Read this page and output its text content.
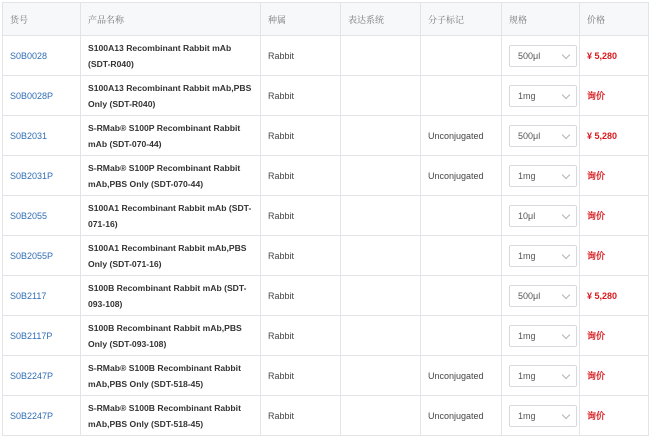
货号	产品名称	种属	表达系统	分子标记	规格	价格
S0B0028	S100A13 Recombinant Rabbit mAb (SDT-R040)	Rabbit			500μl	¥ 5,280
S0B0028P	S100A13 Recombinant Rabbit mAb,PBS Only (SDT-R040)	Rabbit			1mg	询价
S0B2031	S-RMab® S100P Recombinant Rabbit mAb (SDT-070-44)	Rabbit		Unconjugated	500μl	¥ 5,280
S0B2031P	S-RMab® S100P Recombinant Rabbit mAb,PBS Only (SDT-070-44)	Rabbit		Unconjugated	1mg	询价
S0B2055	S100A1 Recombinant Rabbit mAb (SDT-071-16)	Rabbit			10μl	询价
S0B2055P	S100A1 Recombinant Rabbit mAb,PBS Only (SDT-071-16)	Rabbit			1mg	询价
S0B2117	S100B Recombinant Rabbit mAb (SDT-093-108)	Rabbit			500μl	¥ 5,280
S0B2117P	S100B Recombinant Rabbit mAb,PBS Only (SDT-093-108)	Rabbit			1mg	询价
S0B2247P	S-RMab® S100B Recombinant Rabbit mAb,PBS Only (SDT-518-45)	Rabbit		Unconjugated	1mg	询价
S0B2247P	S-RMab® S100B Recombinant Rabbit mAb,PBS Only (SDT-518-45)	Rabbit		Unconjugated	1mg	询价
